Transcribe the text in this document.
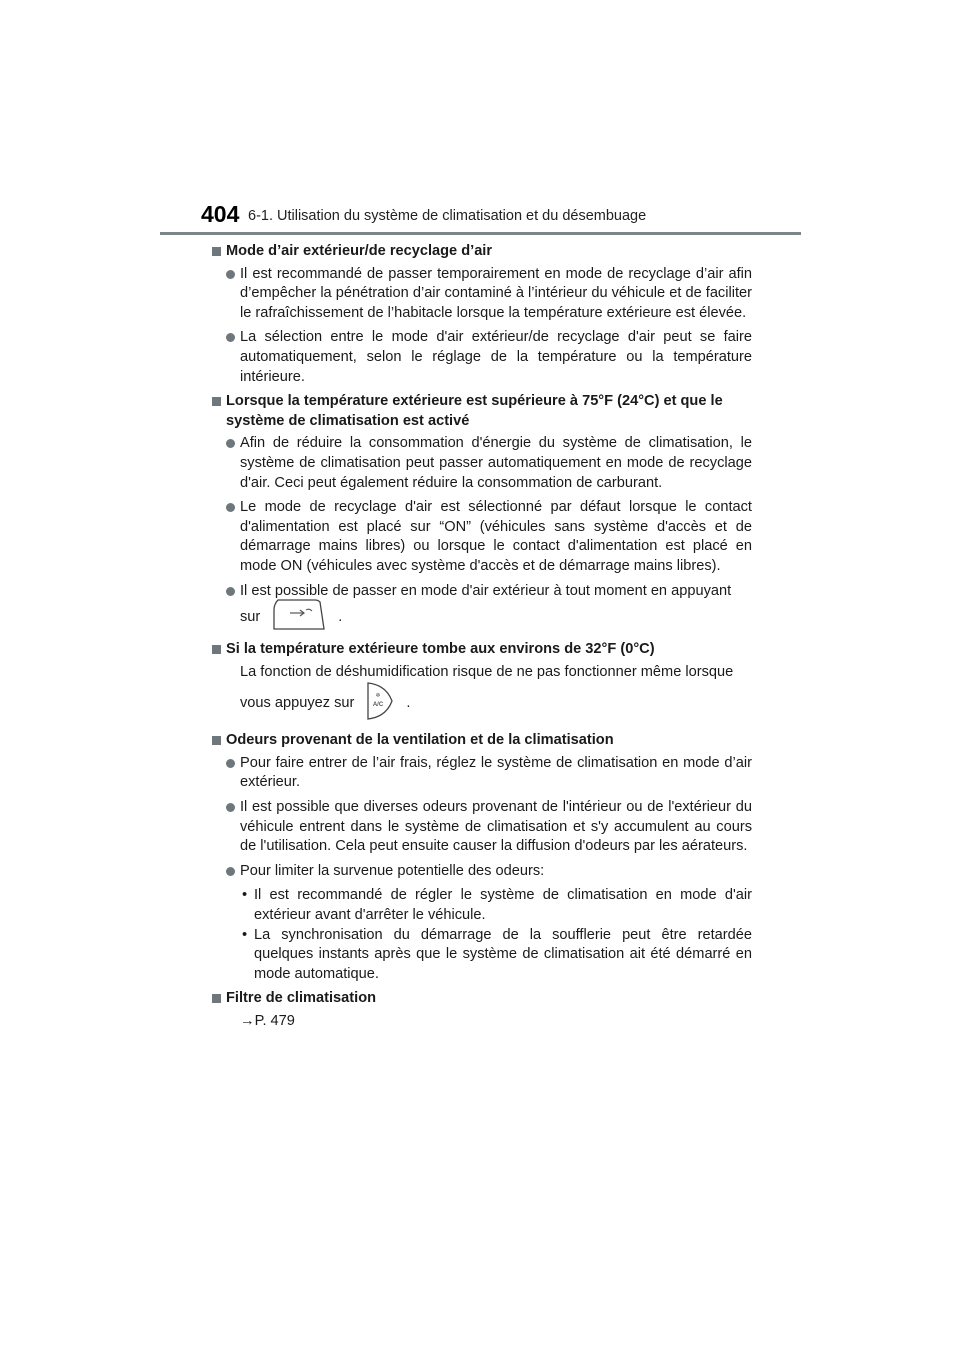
404 6-1. Utilisation du système de climatisation et du désembuage
Mode d’air extérieur/de recyclage d’air
Il est recommandé de passer temporairement en mode de recyclage d’air afin d’empêcher la pénétration d’air contaminé à l’intérieur du véhicule et de faciliter le rafraîchissement de l’habitacle lorsque la température extérieure est élevée.
La sélection entre le mode d'air extérieur/de recyclage d'air peut se faire automatiquement, selon le réglage de la température ou la température intérieure.
Lorsque la température extérieure est supérieure à 75°F (24°C) et que le système de climatisation est activé
Afin de réduire la consommation d'énergie du système de climatisation, le système de climatisation peut passer automatiquement en mode de recyclage d'air. Ceci peut également réduire la consommation de carburant.
Le mode de recyclage d'air est sélectionné par défaut lorsque le contact d'alimentation est placé sur “ON” (véhicules sans système d'accès et de démarrage mains libres) ou lorsque le contact d'alimentation est placé en mode ON (véhicules avec système d'accès et de démarrage mains libres).
Il est possible de passer en mode d'air extérieur à tout moment en appuyant
sur	.
Si la température extérieure tombe aux environs de 32°F (0°C)
La fonction de déshumidification risque de ne pas fonctionner même lorsque
vous appuyez sur	❄
A/C .
Odeurs provenant de la ventilation et de la climatisation
Pour faire entrer de l’air frais, réglez le système de climatisation en mode d’air extérieur.
Il est possible que diverses odeurs provenant de l'intérieur ou de l'extérieur du véhicule entrent dans le système de climatisation et s'y accumulent au cours de l'utilisation. Cela peut ensuite causer la diffusion d'odeurs par les aérateurs.
Pour limiter la survenue potentielle des odeurs:
• Il est recommandé de régler le système de climatisation en mode d'air extérieur avant d'arrêter le véhicule.
• La synchronisation du démarrage de la soufflerie peut être retardée quelques instants après que le système de climatisation ait été démarré en mode automatique.
Filtre de climatisation
→P. 479
